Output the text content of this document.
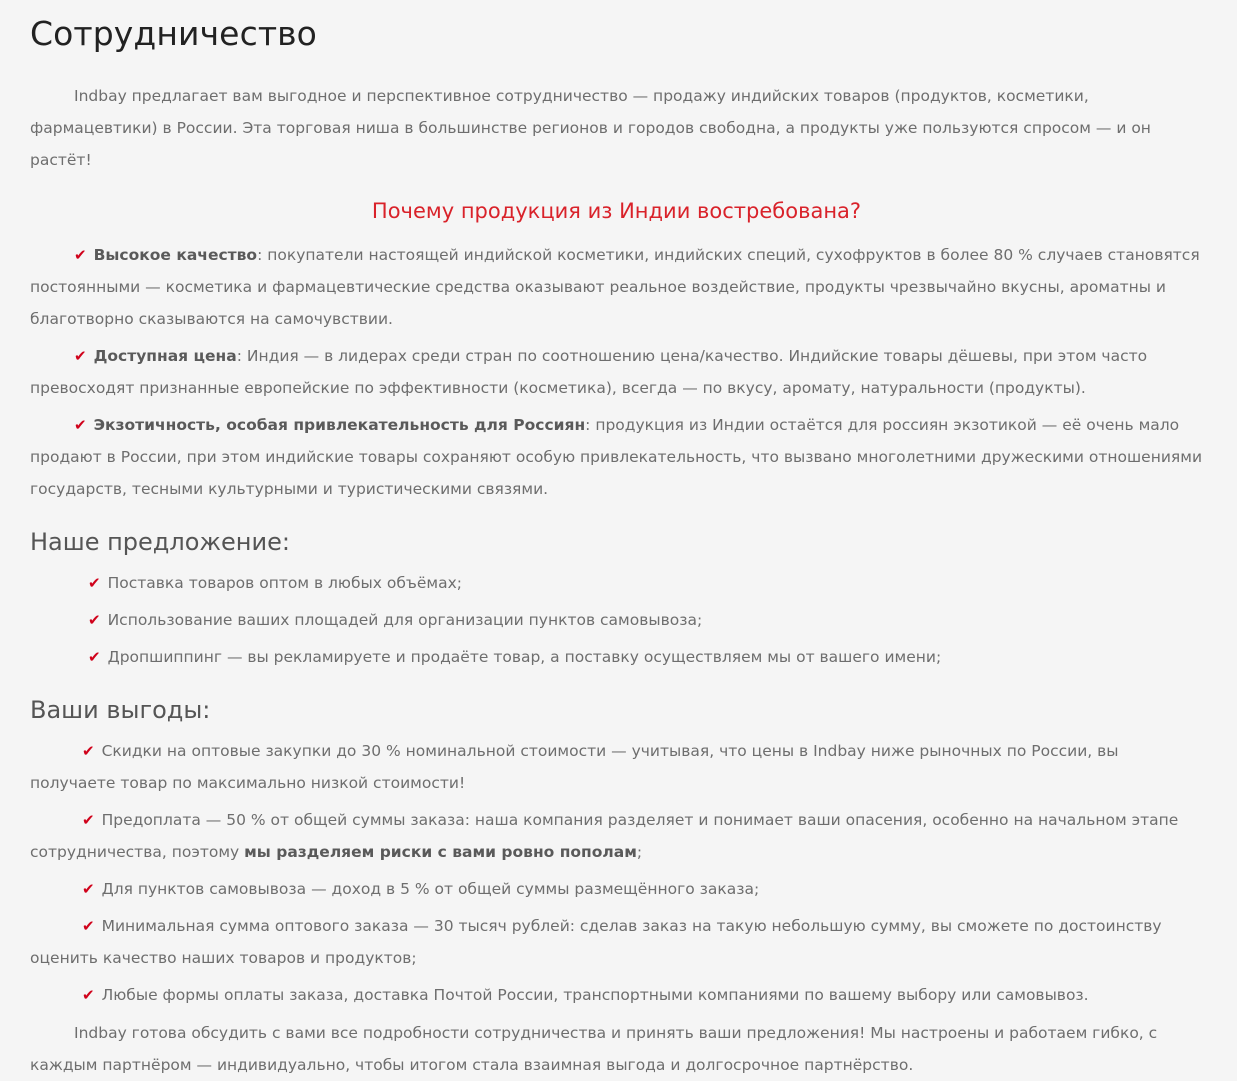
Сотрудничество

Indbay предлагает вам выгодное и перспективное сотрудничество — продажу индийских товаров (продуктов, косметики, фармацевтики) в России. Эта торговая ниша в большинстве регионов и городов свободна, а продукты уже пользуются спросом — и он растёт!

Почему продукция из Индии востребована?
✔ Высокое качество: покупатели настоящей индийской косметики, индийских специй, сухофруктов в более 80 % случаев становятся постоянными — косметика и фармацевтические средства оказывают реальное воздействие, продукты чрезвычайно вкусны, ароматны и благотворно сказываются на самочувствии.
✔ Доступная цена: Индия — в лидерах среди стран по соотношению цена/качество. Индийские товары дёшевы, при этом часто превосходят признанные европейские по эффективности (косметика), всегда — по вкусу, аромату, натуральности (продукты).
✔ Экзотичность, особая привлекательность для Россиян: продукция из Индии остаётся для россиян экзотикой — её очень мало продают в России, при этом индийские товары сохраняют особую привлекательность, что вызвано многолетними дружескими отношениями государств, тесными культурными и туристическими связями.
Наше предложение:
✔ Поставка товаров оптом в любых объёмах;
✔ Использование ваших площадей для организации пунктов самовывоза;
✔ Дропшиппинг — вы рекламируете и продаёте товар, а поставку осуществляем мы от вашего имени;
Ваши выгоды:
✔ Скидки на оптовые закупки до 30 % номинальной стоимости — учитывая, что цены в Indbay ниже рыночных по России, вы получаете товар по максимально низкой стоимости!
✔ Предоплата — 50 % от общей суммы заказа: наша компания разделяет и понимает ваши опасения, особенно на начальном этапе сотрудничества, поэтому мы разделяем риски с вами ровно пополам;
✔ Для пунктов самовывоза — доход в 5 % от общей суммы размещённого заказа;
✔ Минимальная сумма оптового заказа — 30 тысяч рублей: сделав заказ на такую небольшую сумму, вы сможете по достоинству оценить качество наших товаров и продуктов;
✔ Любые формы оплаты заказа, доставка Почтой России, транспортными компаниями по вашему выбору или самовывоз.

Indbay готова обсудить с вами все подробности сотрудничества и принять ваши предложения! Мы настроены и работаем гибко, с каждым партнёром — индивидуально, чтобы итогом стала взаимная выгода и долгосрочное партнёрство.
